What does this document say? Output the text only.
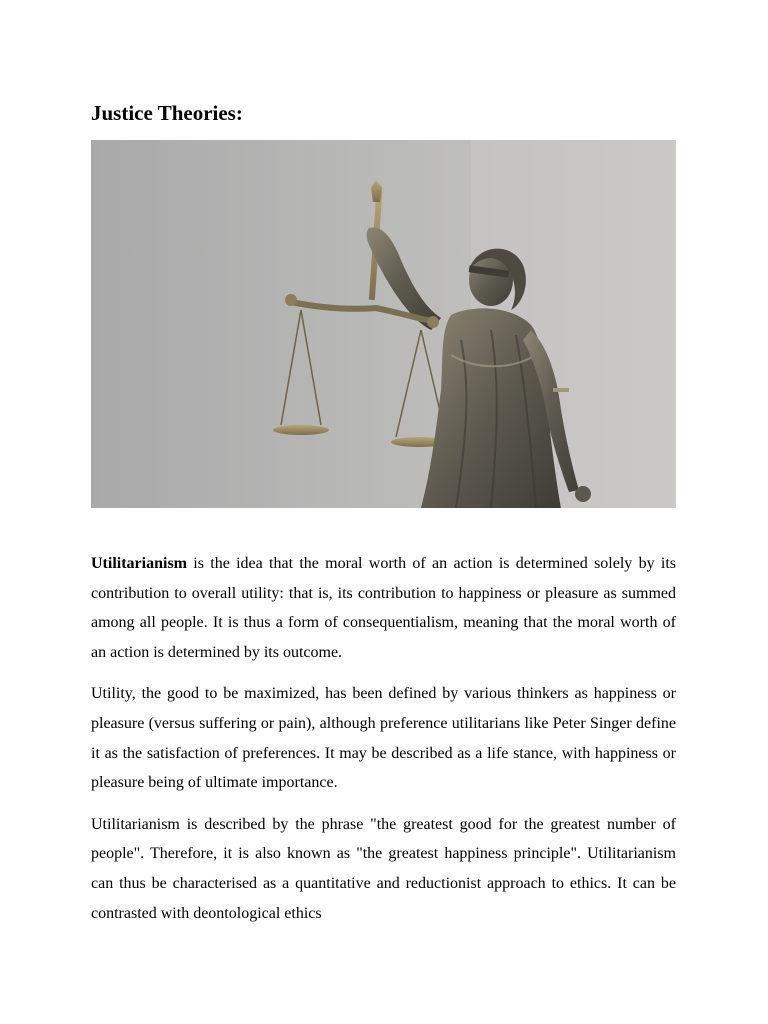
Justice Theories:

Utilitarianism is the idea that the moral worth of an action is determined solely by its contribution to overall utility: that is, its contribution to happiness or pleasure as summed among all people. It is thus a form of consequentialism, meaning that the moral worth of an action is determined by its outcome.

Utility, the good to be maximized, has been defined by various thinkers as happiness or pleasure (versus suffering or pain), although preference utilitarians like Peter Singer define it as the satisfaction of preferences. It may be described as a life stance, with happiness or pleasure being of ultimate importance.

Utilitarianism is described by the phrase "the greatest good for the greatest number of people". Therefore, it is also known as "the greatest happiness principle". Utilitarianism can thus be characterised as a quantitative and reductionist approach to ethics. It can be contrasted with deontological ethics
